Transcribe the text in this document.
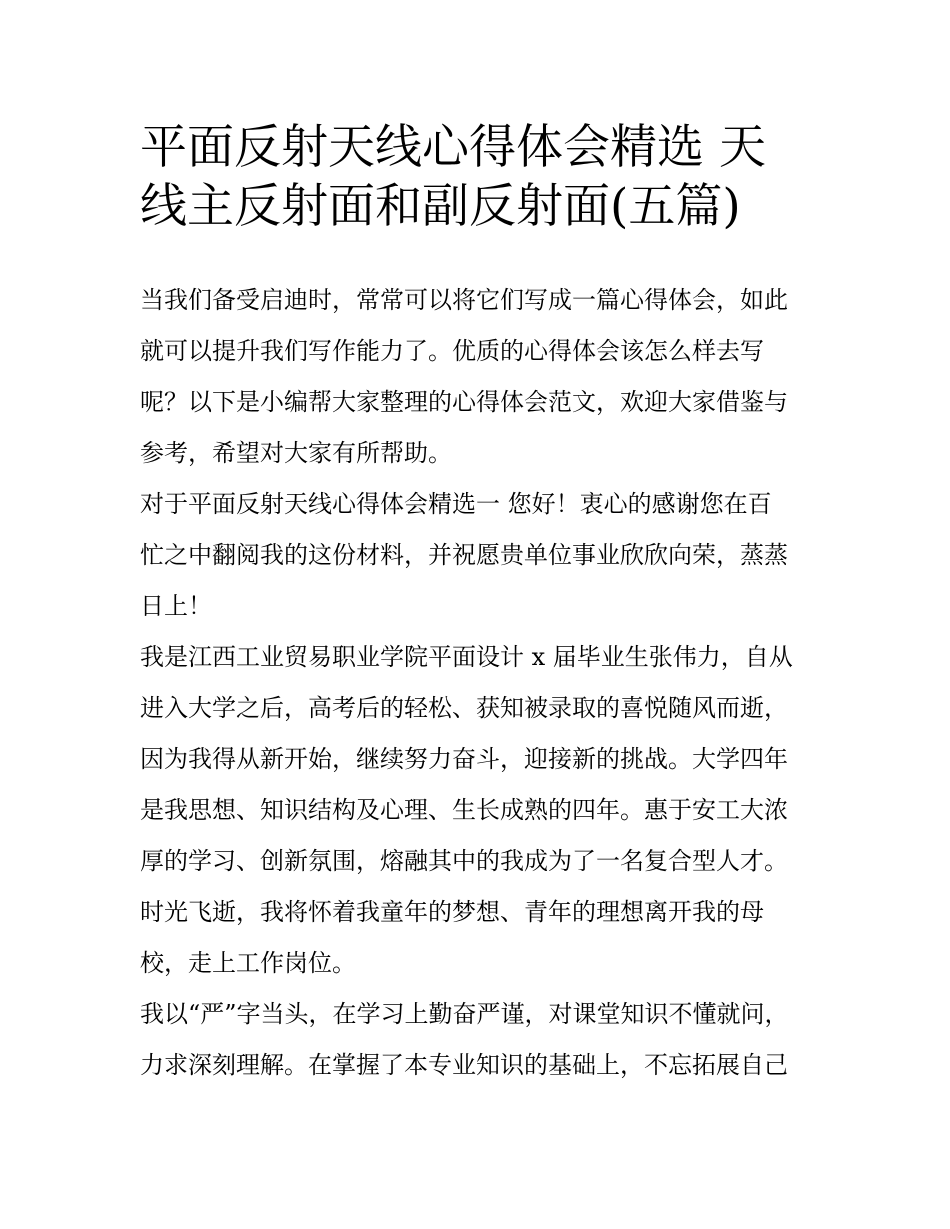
平面反射天线心得体会精选 天
线主反射面和副反射面(五篇)

当我们备受启迪时，常常可以将它们写成一篇心得体会，如此
就可以提升我们写作能力了。优质的心得体会该怎么样去写
呢？以下是小编帮大家整理的心得体会范文，欢迎大家借鉴与
参考，希望对大家有所帮助。

对于平面反射天线心得体会精选一 您好！衷心的感谢您在百
忙之中翻阅我的这份材料，并祝愿贵单位事业欣欣向荣，蒸蒸
日上！

我是江西工业贸易职业学院平面设计 x 届毕业生张伟力，自从
进入大学之后，高考后的轻松、获知被录取的喜悦随风而逝，
因为我得从新开始，继续努力奋斗，迎接新的挑战。大学四年
是我思想、知识结构及心理、生长成熟的四年。惠于安工大浓
厚的学习、创新氛围，熔融其中的我成为了一名复合型人才。
时光飞逝，我将怀着我童年的梦想、青年的理想离开我的母
校，走上工作岗位。

我以“严”字当头，在学习上勤奋严谨，对课堂知识不懂就问，
力求深刻理解。在掌握了本专业知识的基础上，不忘拓展自己
